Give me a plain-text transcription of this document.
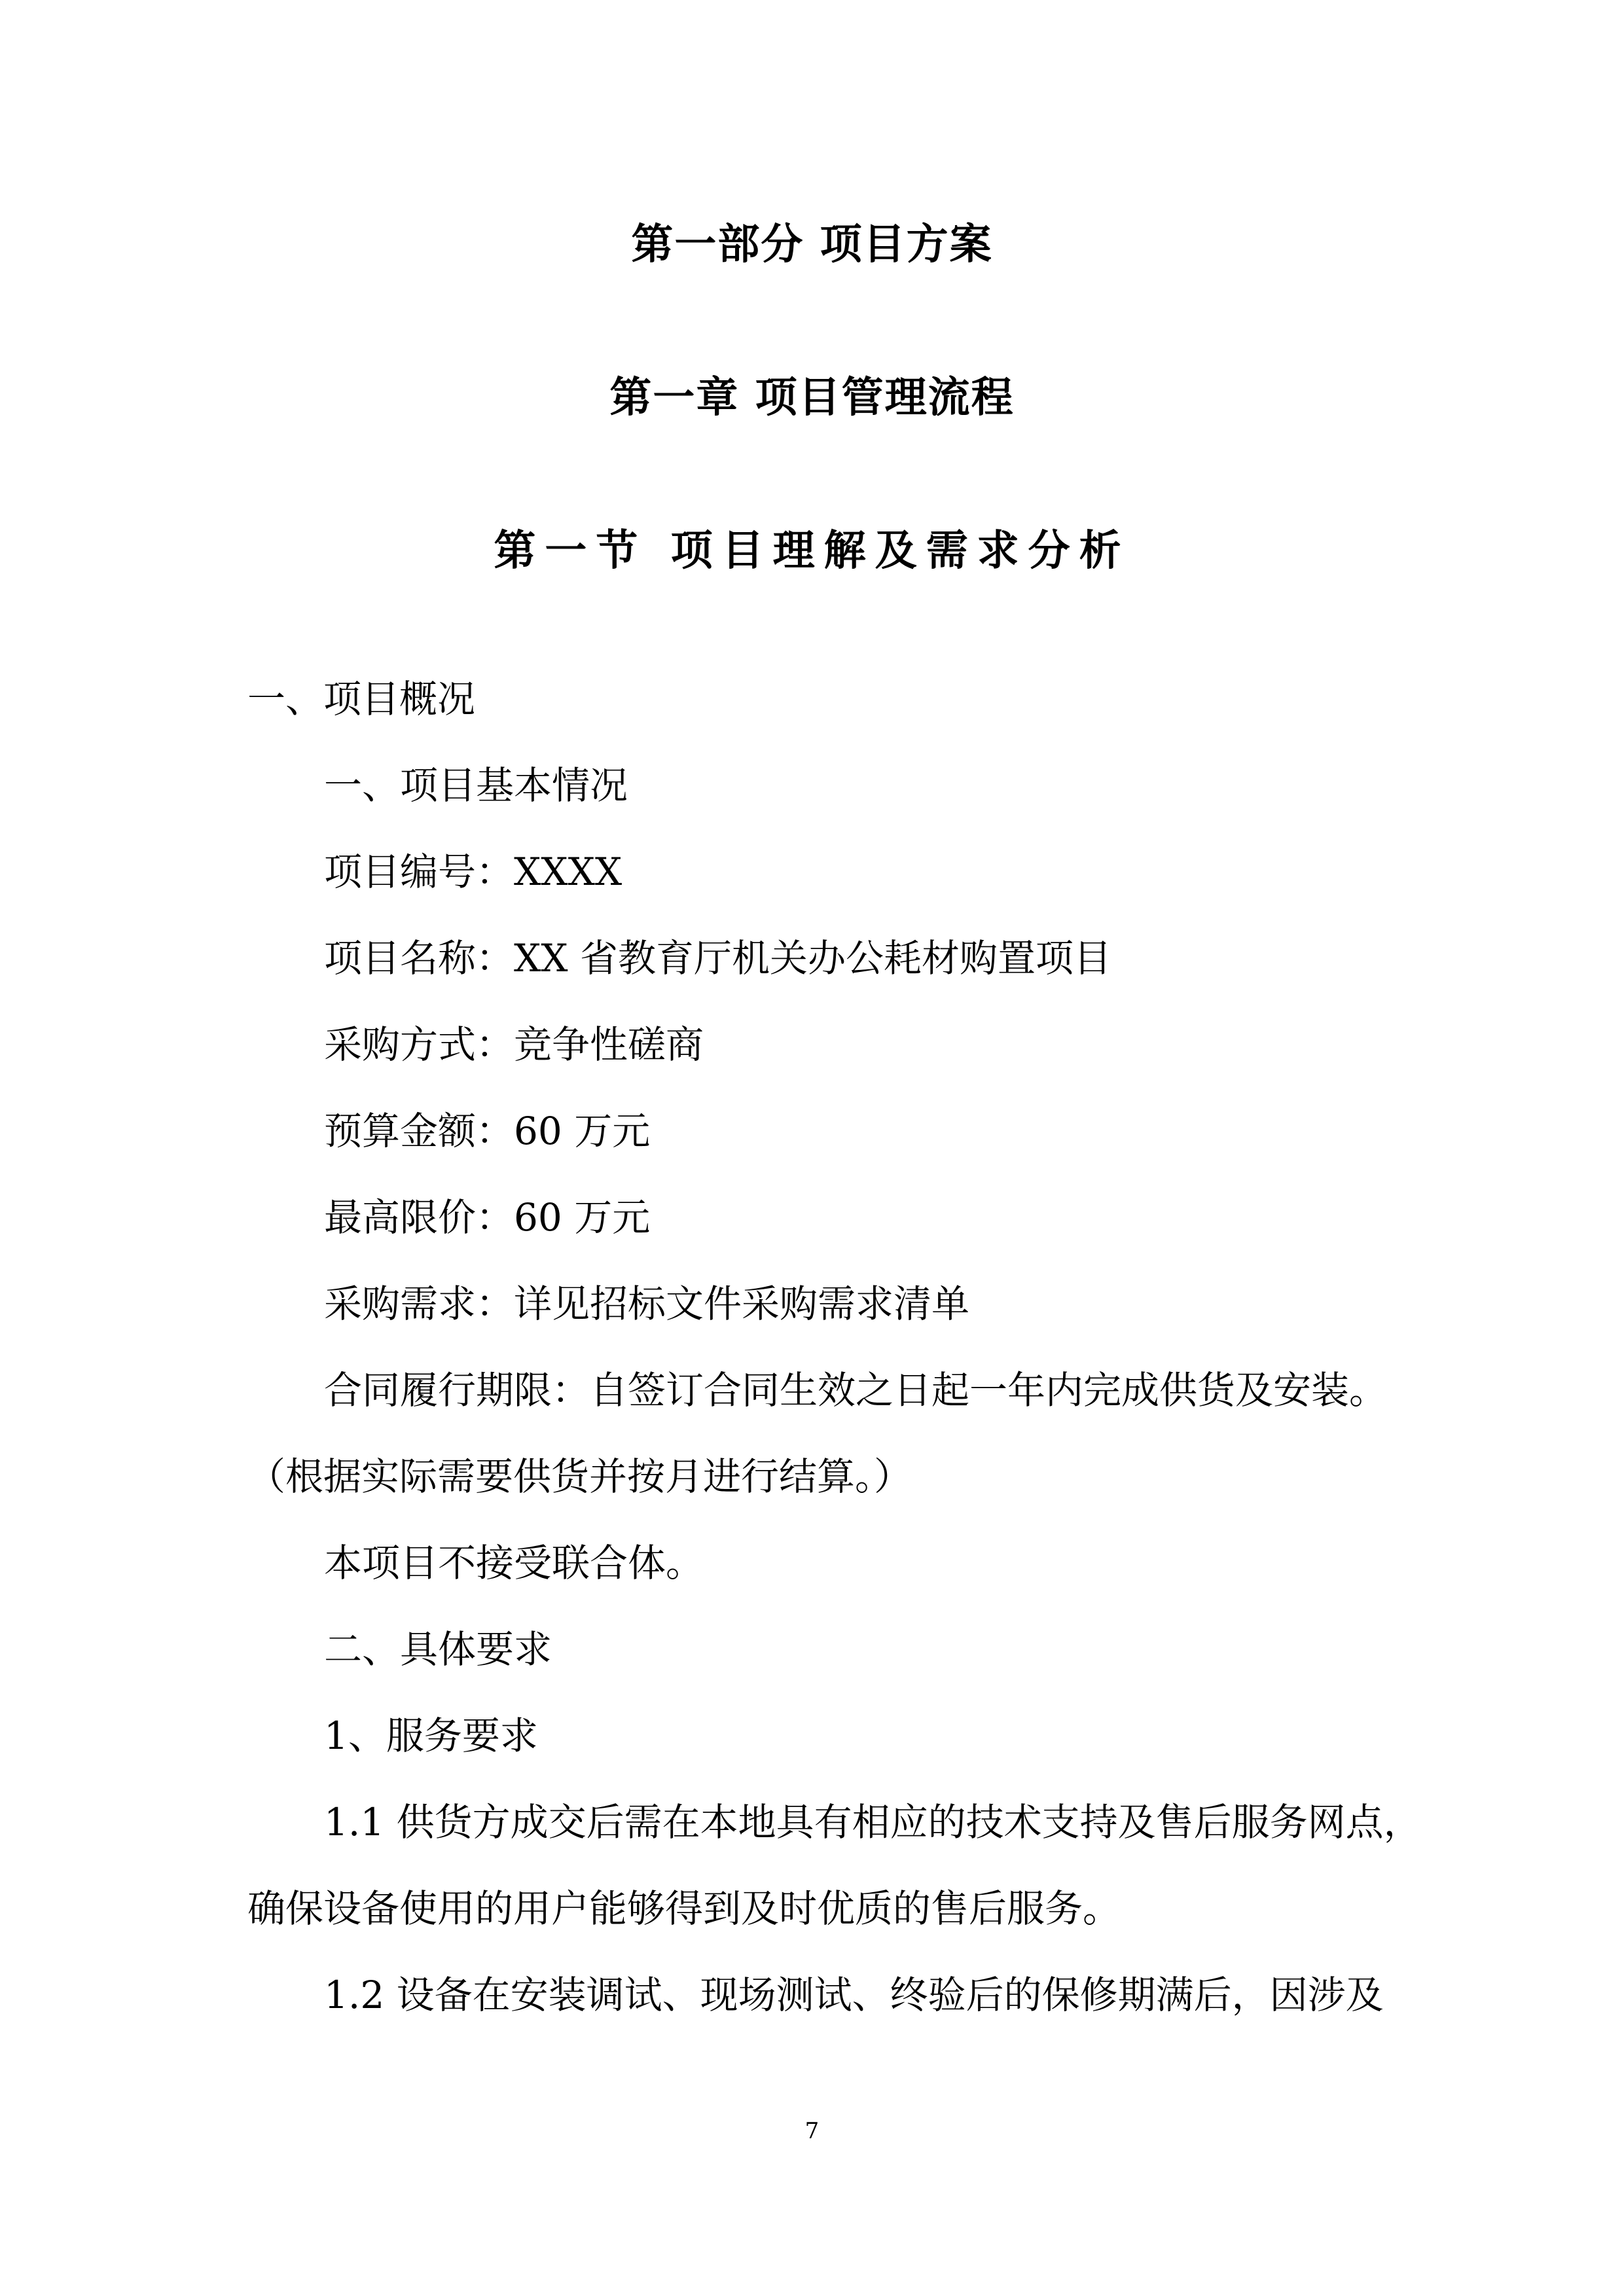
第一部分 项目方案
第一章 项目管理流程
第一节 项目理解及需求分析
一、项目概况
一、项目基本情况
项目编号：XXXX
项目名称：XX 省教育厅机关办公耗材购置项目
采购方式：竞争性磋商
预算金额：60 万元
最高限价：60 万元
采购需求：详见招标文件采购需求清单
合同履行期限：自签订合同生效之日起一年内完成供货及安装。
（根据实际需要供货并按月进行结算。）
本项目不接受联合体。
二、具体要求
1、服务要求
1.1 供货方成交后需在本地具有相应的技术支持及售后服务网点，
确保设备使用的用户能够得到及时优质的售后服务。
1.2 设备在安装调试、现场测试、终验后的保修期满后，因涉及
7
